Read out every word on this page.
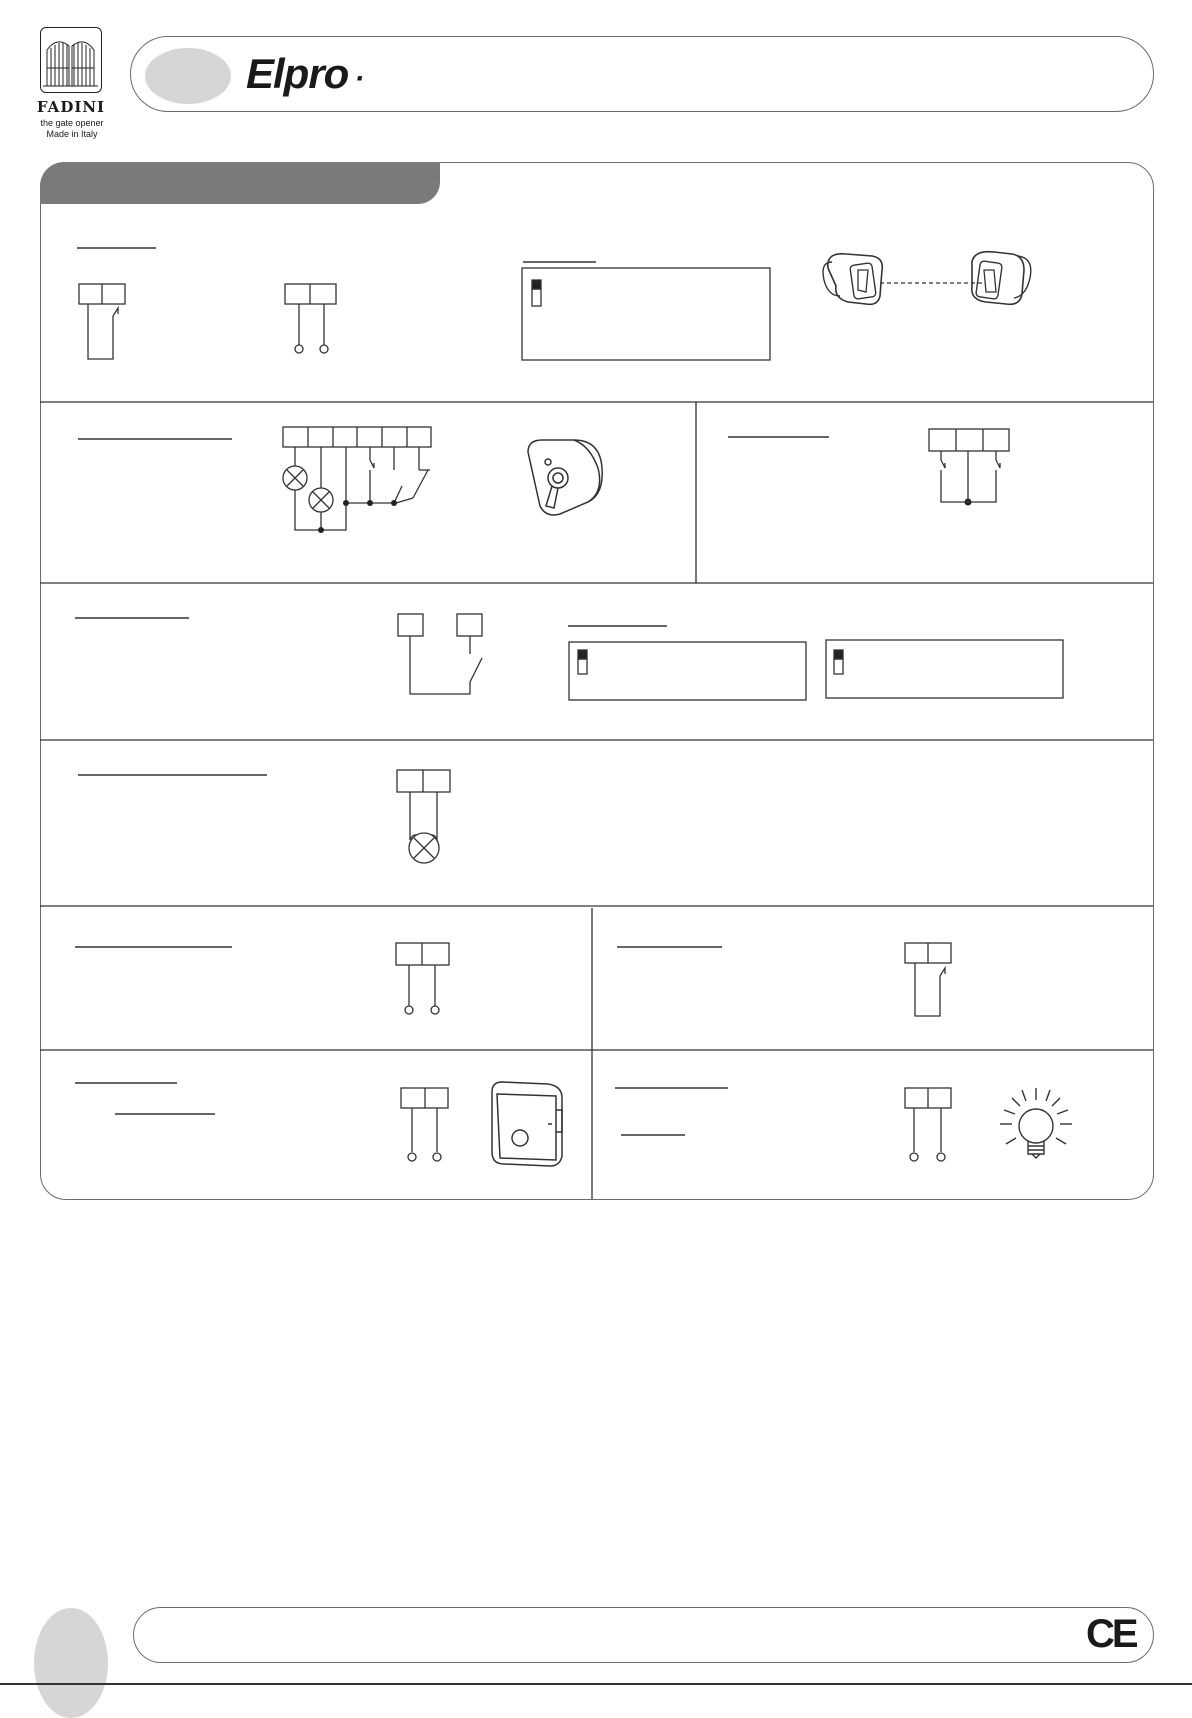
FADINI
the gate opener
Made in Italy
Elpro ·
CE
